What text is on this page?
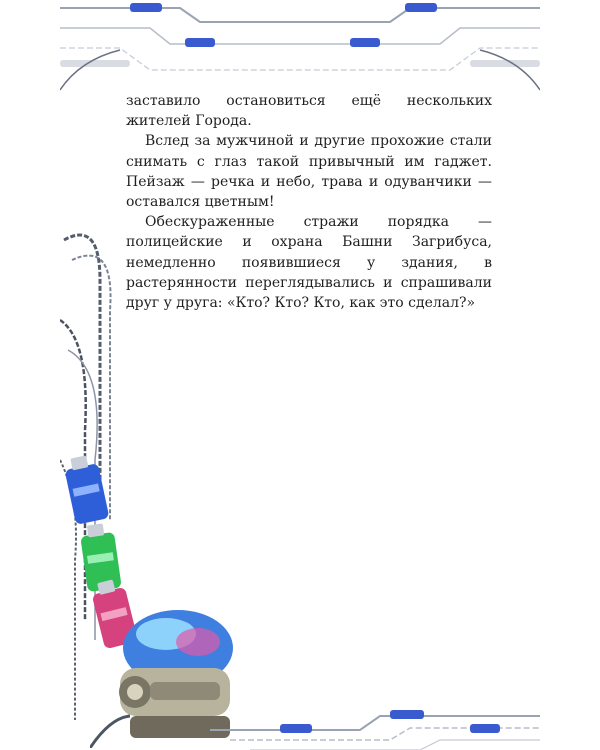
заставило остановиться ещё нескольких жителей Города.

Вслед за мужчиной и другие прохожие стали снимать с глаз такой привычный им гаджет. Пейзаж — речка и небо, трава и одуванчики — оставался цветным!

Обескураженные стражи порядка — полицейские и охрана Башни Загрибуса, немедленно появившиеся у здания, в растерянности переглядывались и спрашивали друг у друга: «Кто? Кто? Кто, как это сделал?»
